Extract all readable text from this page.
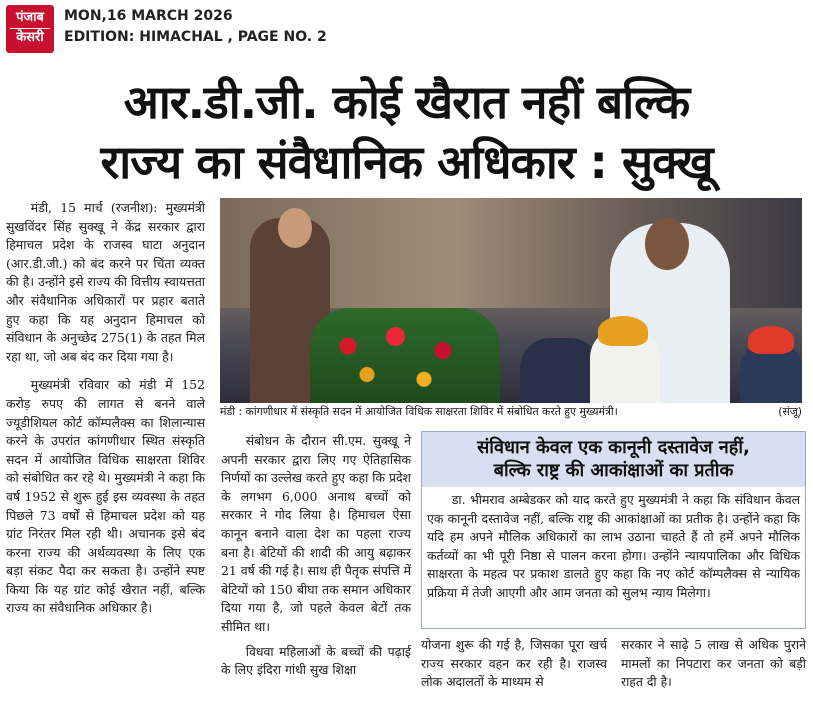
पंजाब
केसरी
MON,16 MARCH 2026
EDITION: HIMACHAL , PAGE NO. 2
आर.डी.जी. कोई खैरात नहीं बल्कि
राज्य का संवैधानिक अधिकार : सुक्खू

मंडी, 15 मार्च (रजनीश): मुख्यमंत्री सुखविंदर सिंह सुक्खू ने केंद्र सरकार द्वारा हिमाचल प्रदेश के राजस्व घाटा अनुदान (आर.डी.जी.) को बंद करने पर चिंता व्यक्त की है। उन्होंने इसे राज्य की वित्तीय स्वायत्तता और संवैधानिक अधिकारों पर प्रहार बताते हुए कहा कि यह अनुदान हिमाचल को संविधान के अनुच्छेद 275(1) के तहत मिल रहा था, जो अब बंद कर दिया गया है।

मुख्यमंत्री रविवार को मंडी में 152 करोड़ रुपए की लागत से बनने वाले ज्यूडीशियल कोर्ट कॉम्पलैक्स का शिलान्यास करने के उपरांत कांगणीधार स्थित संस्कृति सदन में आयोजित विधिक साक्षरता शिविर को संबोधित कर रहे थे। मुख्यमंत्री ने कहा कि वर्ष 1952 से शुरू हुई इस व्यवस्था के तहत पिछले 73 वर्षों से हिमाचल प्रदेश को यह ग्रांट निरंतर मिल रही थी। अचानक इसे बंद करना राज्य की अर्थव्यवस्था के लिए एक बड़ा संकट पैदा कर सकता है। उन्होंने स्पष्ट किया कि यह ग्रांट कोई खैरात नहीं, बल्कि राज्य का संवैधानिक अधिकार है।

मंडी : कांगणीधार में संस्कृति सदन में आयोजित विधिक साक्षरता शिविर में संबोधित करते हुए मुख्यमंत्री।	(संजू)

संबोधन के दौरान सी.एम. सुक्खू ने अपनी सरकार द्वारा लिए गए ऐतिहासिक निर्णयों का उल्लेख करते हुए कहा कि प्रदेश के लगभग 6,000 अनाथ बच्चों को सरकार ने गोद लिया है। हिमाचल ऐसा कानून बनाने वाला देश का पहला राज्य बना है। बेटियों की शादी की आयु बढ़ाकर 21 वर्ष की गई है। साथ ही पैतृक संपत्ति में बेटियों को 150 बीघा तक समान अधिकार दिया गया है, जो पहले केवल बेटों तक सीमित था।

विधवा महिलाओं के बच्चों की पढ़ाई के लिए इंदिरा गांधी सुख शिक्षा

संविधान केवल एक कानूनी दस्तावेज नहीं,
बल्कि राष्ट्र की आकांक्षाओं का प्रतीक

डा. भीमराव अम्बेडकर को याद करते हुए मुख्यमंत्री ने कहा कि संविधान केवल एक कानूनी दस्तावेज नहीं, बल्कि राष्ट्र की आकांक्षाओं का प्रतीक है। उन्होंने कहा कि यदि हम अपने मौलिक अधिकारों का लाभ उठाना चाहते हैं तो हमें अपने मौलिक कर्तव्यों का भी पूरी निष्ठा से पालन करना होगा। उन्होंने न्यायपालिका और विधिक साक्षरता के महत्व पर प्रकाश डालते हुए कहा कि नए कोर्ट कॉम्पलैक्स से न्यायिक प्रक्रिया में तेजी आएगी और आम जनता को सुलभ न्याय मिलेगा।

योजना शुरू की गई है, जिसका पूरा खर्च राज्य सरकार वहन कर रही है। राजस्व लोक अदालतों के माध्यम से

सरकार ने साढ़े 5 लाख से अधिक पुराने मामलों का निपटारा कर जनता को बड़ी राहत दी है।
